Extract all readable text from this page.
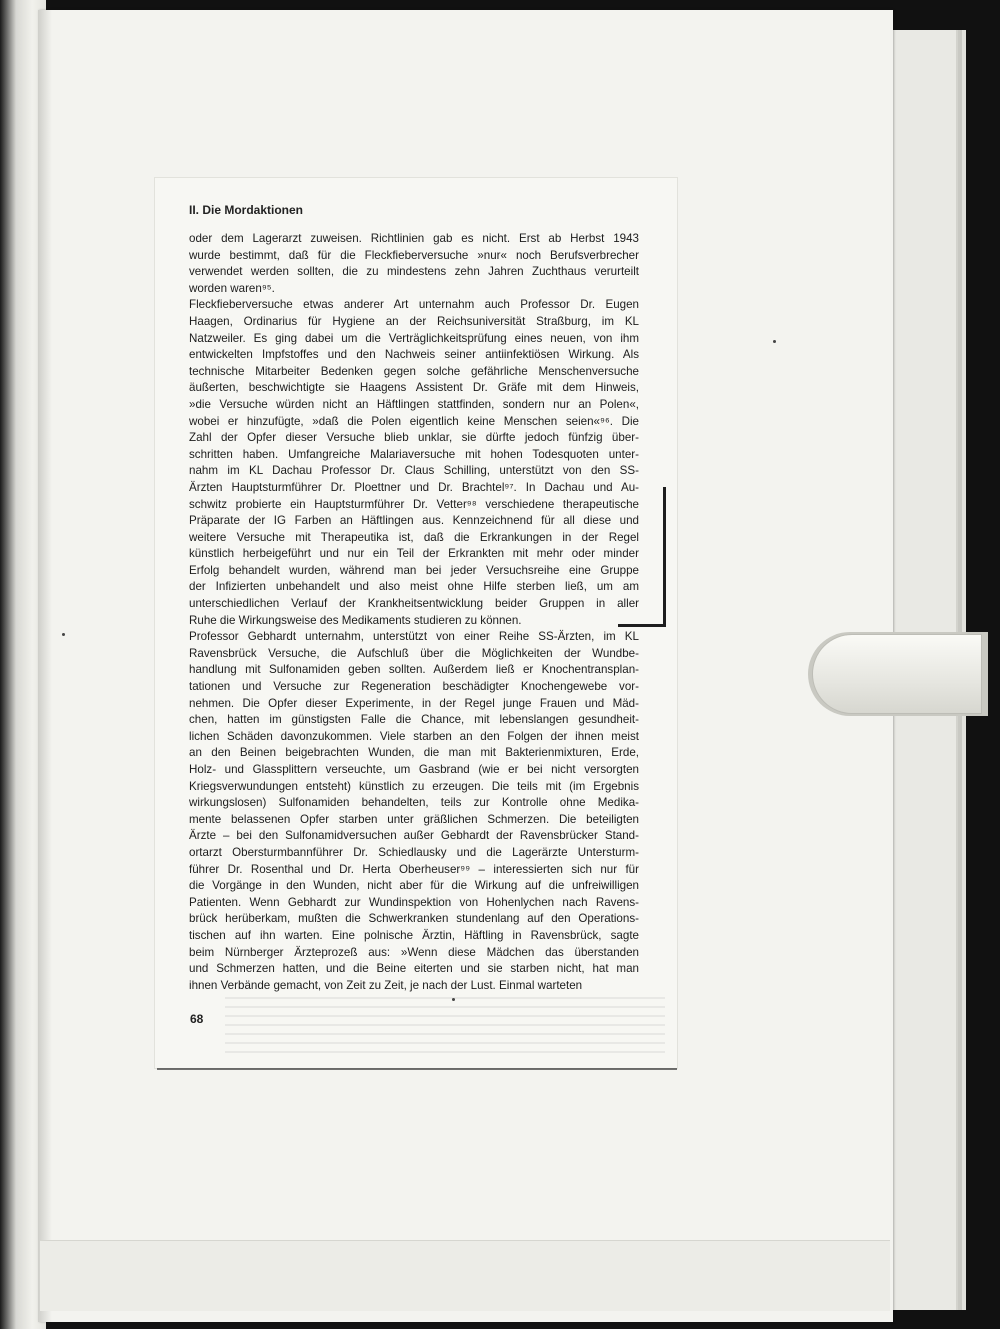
II. Die Mordaktionen
oder dem Lagerarzt zuweisen. Richtlinien gab es nicht. Erst ab Herbst 1943
wurde bestimmt, daß für die Fleckfieberversuche »nur« noch Berufsverbrecher
verwendet werden sollten, die zu mindestens zehn Jahren Zuchthaus verurteilt
worden waren⁹⁵.
Fleckfieberversuche etwas anderer Art unternahm auch Professor Dr. Eugen
Haagen, Ordinarius für Hygiene an der Reichsuniversität Straßburg, im KL
Natzweiler. Es ging dabei um die Verträglichkeitsprüfung eines neuen, von ihm
entwickelten Impfstoffes und den Nachweis seiner antiinfektiösen Wirkung. Als
technische Mitarbeiter Bedenken gegen solche gefährliche Menschenversuche
äußerten, beschwichtigte sie Haagens Assistent Dr. Gräfe mit dem Hinweis,
»die Versuche würden nicht an Häftlingen stattfinden, sondern nur an Polen«,
wobei er hinzufügte, »daß die Polen eigentlich keine Menschen seien«⁹⁶. Die
Zahl der Opfer dieser Versuche blieb unklar, sie dürfte jedoch fünfzig über-
schritten haben. Umfangreiche Malariaversuche mit hohen Todesquoten unter-
nahm im KL Dachau Professor Dr. Claus Schilling, unterstützt von den SS-
Ärzten Hauptsturmführer Dr. Ploettner und Dr. Brachtel⁹⁷. In Dachau und Au-
schwitz probierte ein Hauptsturmführer Dr. Vetter⁹⁸ verschiedene therapeutische
Präparate der IG Farben an Häftlingen aus. Kennzeichnend für all diese und
weitere Versuche mit Therapeutika ist, daß die Erkrankungen in der Regel
künstlich herbeigeführt und nur ein Teil der Erkrankten mit mehr oder minder
Erfolg behandelt wurden, während man bei jeder Versuchsreihe eine Gruppe
der Infizierten unbehandelt und also meist ohne Hilfe sterben ließ, um am
unterschiedlichen Verlauf der Krankheitsentwicklung beider Gruppen in aller
Ruhe die Wirkungsweise des Medikaments studieren zu können.
Professor Gebhardt unternahm, unterstützt von einer Reihe SS-Ärzten, im KL
Ravensbrück Versuche, die Aufschluß über die Möglichkeiten der Wundbe-
handlung mit Sulfonamiden geben sollten. Außerdem ließ er Knochentransplan-
tationen und Versuche zur Regeneration beschädigter Knochengewebe vor-
nehmen. Die Opfer dieser Experimente, in der Regel junge Frauen und Mäd-
chen, hatten im günstigsten Falle die Chance, mit lebenslangen gesundheit-
lichen Schäden davonzukommen. Viele starben an den Folgen der ihnen meist
an den Beinen beigebrachten Wunden, die man mit Bakterienmixturen, Erde,
Holz- und Glassplittern verseuchte, um Gasbrand (wie er bei nicht versorgten
Kriegsverwundungen entsteht) künstlich zu erzeugen. Die teils mit (im Ergebnis
wirkungslosen) Sulfonamiden behandelten, teils zur Kontrolle ohne Medika-
mente belassenen Opfer starben unter gräßlichen Schmerzen. Die beteiligten
Ärzte – bei den Sulfonamidversuchen außer Gebhardt der Ravensbrücker Stand-
ortarzt Obersturmbannführer Dr. Schiedlausky und die Lagerärzte Untersturm-
führer Dr. Rosenthal und Dr. Herta Oberheuser⁹⁹ – interessierten sich nur für
die Vorgänge in den Wunden, nicht aber für die Wirkung auf die unfreiwilligen
Patienten. Wenn Gebhardt zur Wundinspektion von Hohenlychen nach Ravens-
brück herüberkam, mußten die Schwerkranken stundenlang auf den Operations-
tischen auf ihn warten. Eine polnische Ärztin, Häftling in Ravensbrück, sagte
beim Nürnberger Ärzteprozeß aus: »Wenn diese Mädchen das überstanden
und Schmerzen hatten, und die Beine eiterten und sie starben nicht, hat man
ihnen Verbände gemacht, von Zeit zu Zeit, je nach der Lust. Einmal warteten
68
